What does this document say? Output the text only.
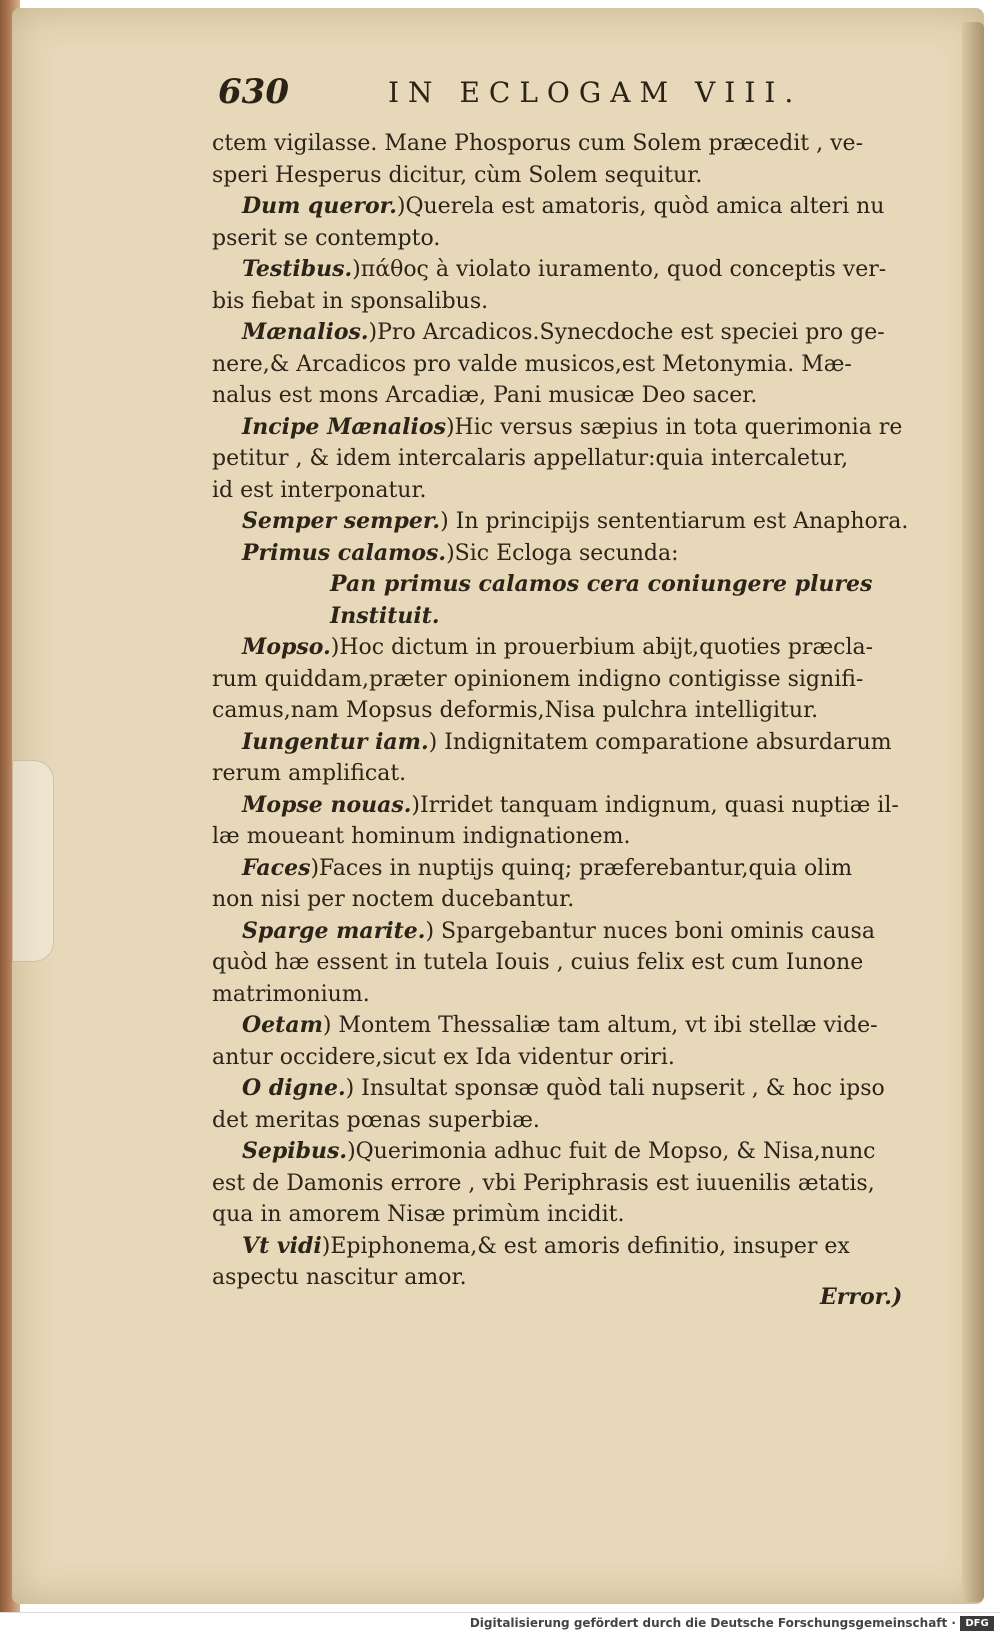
630	IN ECLOGAM VIII.
ctem vigilasse. Mane Phosporus cum Solem præcedit , ve-
speri Hesperus dicitur, cùm Solem sequitur.
Dum queror.)Querela est amatoris, quòd amica alteri nu
pserit se contempto.
Testibus.)πάθος à violato iuramento, quod conceptis ver-
bis fiebat in sponsalibus.
Mænalios.)Pro Arcadicos.Synecdoche est speciei pro ge-
nere,& Arcadicos pro valde musicos,est Metonymia. Mæ-
nalus est mons Arcadiæ, Pani musicæ Deo sacer.
Incipe Mænalios)Hic versus sæpius in tota querimonia re
petitur , & idem intercalaris appellatur:quia intercaletur,
id est interponatur.
Semper semper.) In principijs sententiarum est Anaphora.
Primus calamos.)Sic Ecloga secunda:
Pan primus calamos cera coniungere plures
Instituit.
Mopso.)Hoc dictum in prouerbium abijt,quoties præcla-
rum quiddam,præter opinionem indigno contigisse signifi-
camus,nam Mopsus deformis,Nisa pulchra intelligitur.
Iungentur iam.) Indignitatem comparatione absurdarum
rerum amplificat.
Mopse nouas.)Irridet tanquam indignum, quasi nuptiæ il-
læ moueant hominum indignationem.
Faces)Faces in nuptijs quinq; præferebantur,quia olim
non nisi per noctem ducebantur.
Sparge marite.) Spargebantur nuces boni ominis causa
quòd hæ essent in tutela Iouis , cuius felix est cum Iunone
matrimonium.
Oetam) Montem Thessaliæ tam altum, vt ibi stellæ vide-
antur occidere,sicut ex Ida videntur oriri.
O digne.) Insultat sponsæ quòd tali nupserit , & hoc ipso
det meritas pœnas superbiæ.
Sepibus.)Querimonia adhuc fuit de Mopso, & Nisa,nunc
est de Damonis errore , vbi Periphrasis est iuuenilis ætatis,
qua in amorem Nisæ primùm incidit.
Vt vidi)Epiphonema,& est amoris definitio, insuper ex
aspectu nascitur amor.
Error.)
Digitalisierung gefördert durch die Deutsche Forschungsgemeinschaft · DFG
